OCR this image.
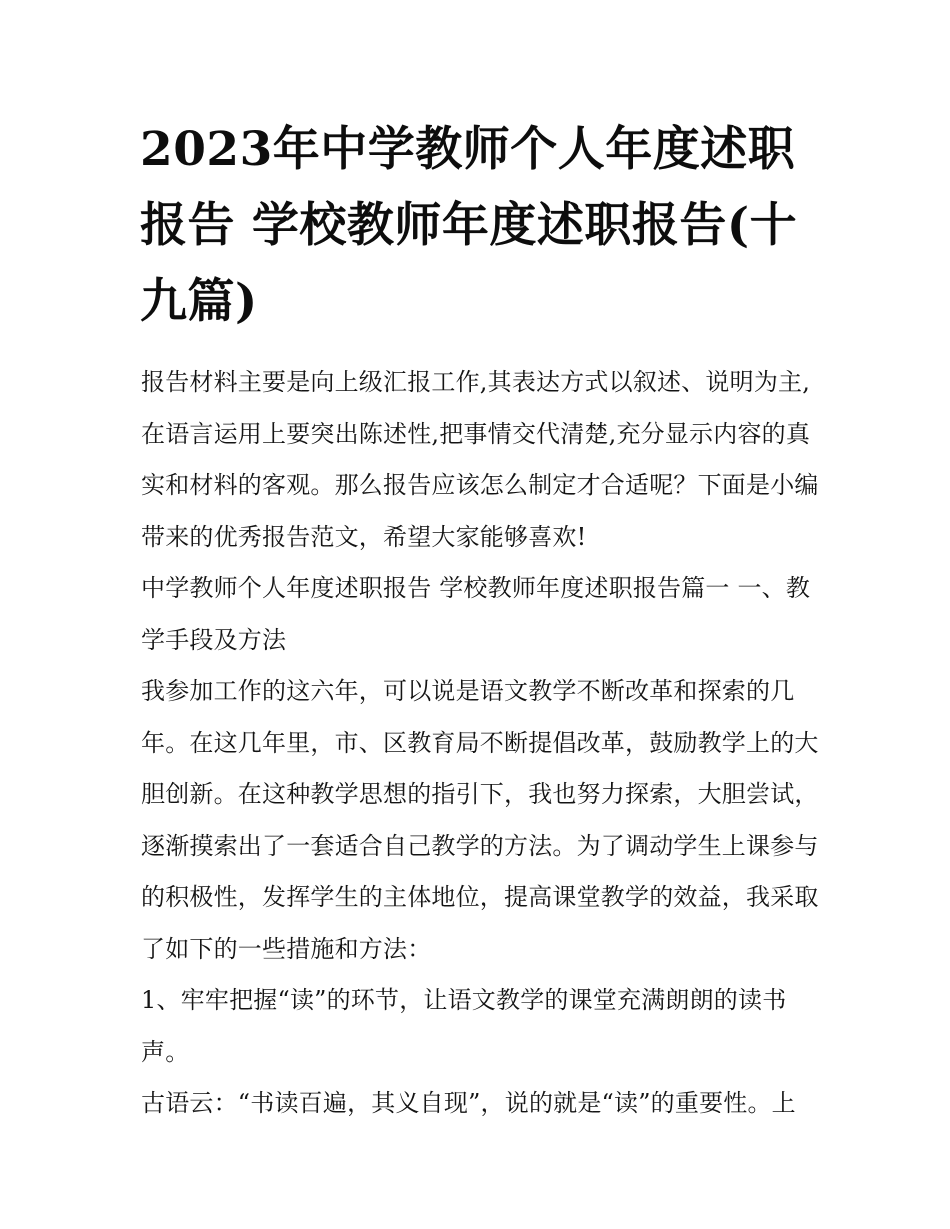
2023年中学教师个人年度述职报告 学校教师年度述职报告(十九篇)

报告材料主要是向上级汇报工作,其表达方式以叙述、说明为主,在语言运用上要突出陈述性,把事情交代清楚,充分显示内容的真实和材料的客观。那么报告应该怎么制定才合适呢？下面是小编带来的优秀报告范文，希望大家能够喜欢!

中学教师个人年度述职报告 学校教师年度述职报告篇一 一、教学手段及方法

我参加工作的这六年，可以说是语文教学不断改革和探索的几年。在这几年里，市、区教育局不断提倡改革，鼓励教学上的大胆创新。在这种教学思想的指引下，我也努力探索，大胆尝试，逐渐摸索出了一套适合自己教学的方法。为了调动学生上课参与的积极性，发挥学生的主体地位，提高课堂教学的效益，我采取了如下的一些措施和方法：

1、牢牢把握“读”的环节，让语文教学的课堂充满朗朗的读书声。

古语云：“书读百遍，其义自现”，说的就是“读”的重要性。上
